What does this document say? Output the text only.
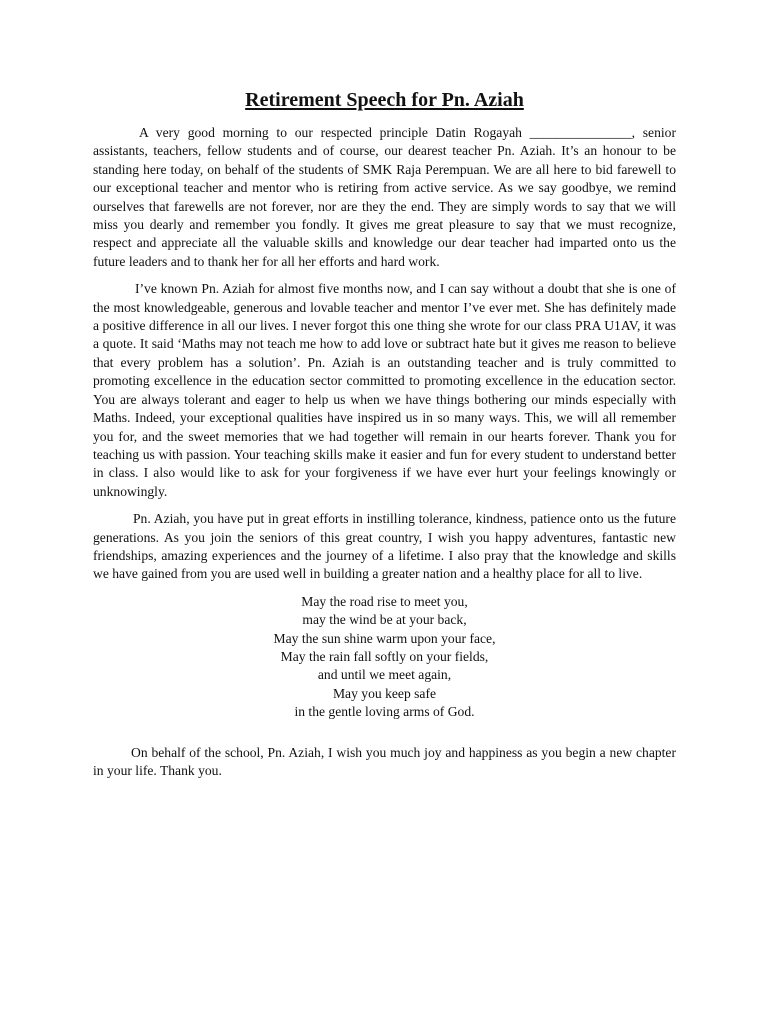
Retirement Speech for Pn. Aziah

A very good morning to our respected principle Datin Rogayah _______________, senior assistants, teachers, fellow students and of course, our dearest teacher Pn. Aziah. It’s an honour to be standing here today, on behalf of the students of SMK Raja Perempuan. We are all here to bid farewell to our exceptional teacher and mentor who is retiring from active service. As we say goodbye, we remind ourselves that farewells are not forever, nor are they the end. They are simply words to say that we will miss you dearly and remember you fondly. It gives me great pleasure to say that we must recognize, respect and appreciate all the valuable skills and knowledge our dear teacher had imparted onto us the future leaders and to thank her for all her efforts and hard work.

I’ve known Pn. Aziah for almost five months now, and I can say without a doubt that she is one of the most knowledgeable, generous and lovable teacher and mentor I’ve ever met. She has definitely made a positive difference in all our lives. I never forgot this one thing she wrote for our class PRA U1AV, it was a quote. It said ‘Maths may not teach me how to add love or subtract hate but it gives me reason to believe that every problem has a solution’. Pn. Aziah is an outstanding teacher and is truly committed to promoting excellence in the education sector committed to promoting excellence in the education sector. You are always tolerant and eager to help us when we have things bothering our minds especially with Maths. Indeed, your exceptional qualities have inspired us in so many ways. This, we will all remember you for, and the sweet memories that we had together will remain in our hearts forever. Thank you for teaching us with passion. Your teaching skills make it easier and fun for every student to understand better in class. I also would like to ask for your forgiveness if we have ever hurt your feelings knowingly or unknowingly.

Pn. Aziah, you have put in great efforts in instilling tolerance, kindness, patience onto us the future generations. As you join the seniors of this great country, I wish you happy adventures, fantastic new friendships, amazing experiences and the journey of a lifetime. I also pray that the knowledge and skills we have gained from you are used well in building a greater nation and a healthy place for all to live.

May the road rise to meet you,
may the wind be at your back,
May the sun shine warm upon your face,
May the rain fall softly on your fields,
and until we meet again,
May you keep safe
in the gentle loving arms of God.

On behalf of the school, Pn. Aziah, I wish you much joy and happiness as you begin a new chapter in your life. Thank you.
